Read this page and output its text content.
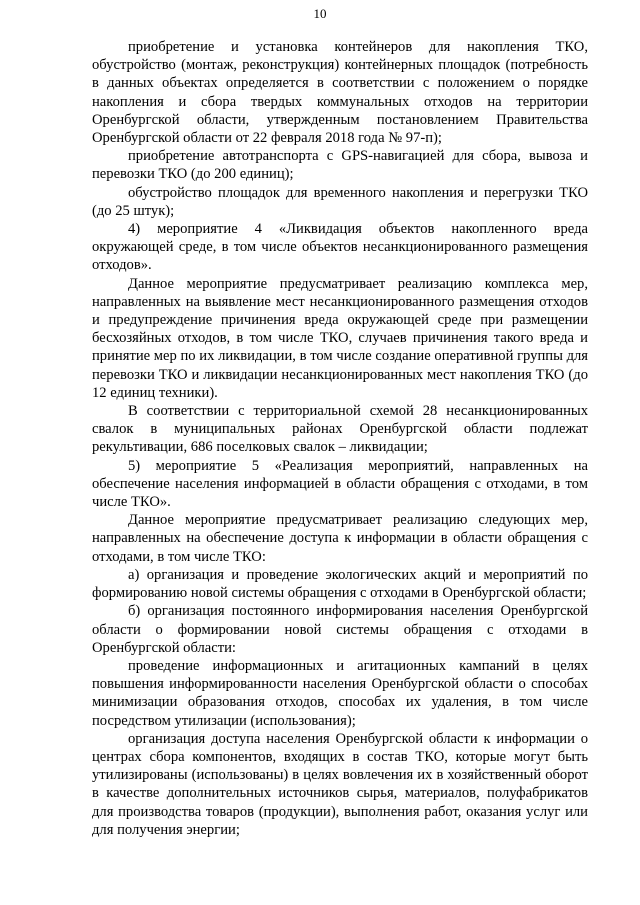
10

приобретение и установка контейнеров для накопления ТКО, обустройство (монтаж, реконструкция) контейнерных площадок (потребность в данных объектах определяется в соответствии с положением о порядке накопления и сбора твердых коммунальных отходов на территории Оренбургской области, утвержденным постановлением Правительства Оренбургской области от 22 февраля 2018 года № 97-п);

приобретение автотранспорта с GPS-навигацией для сбора, вывоза и перевозки ТКО (до 200 единиц);

обустройство площадок для временного накопления и перегрузки ТКО (до 25 штук);

4) мероприятие 4 «Ликвидация объектов накопленного вреда окружающей среде, в том числе объектов несанкционированного размещения отходов».

Данное мероприятие предусматривает реализацию комплекса мер, направленных на выявление мест несанкционированного размещения отходов и предупреждение причинения вреда окружающей среде при размещении бесхозяйных отходов, в том числе ТКО, случаев причинения такого вреда и принятие мер по их ликвидации, в том числе создание оперативной группы для перевозки ТКО и ликвидации несанкционированных мест накопления ТКО (до 12 единиц техники).

В соответствии с территориальной схемой 28 несанкционированных свалок в муниципальных районах Оренбургской области подлежат рекультивации, 686 поселковых свалок – ликвидации;

5) мероприятие 5 «Реализация мероприятий, направленных на обеспечение населения информацией в области обращения с отходами, в том числе ТКО».

Данное мероприятие предусматривает реализацию следующих мер, направленных на обеспечение доступа к информации в области обращения с отходами, в том числе ТКО:

а) организация и проведение экологических акций и мероприятий по формированию новой системы обращения с отходами в Оренбургской области;

б) организация постоянного информирования населения Оренбургской области о формировании новой системы обращения с отходами в Оренбургской области:

проведение информационных и агитационных кампаний в целях повышения информированности населения Оренбургской области о способах минимизации образования отходов, способах их удаления, в том числе посредством утилизации (использования);

организация доступа населения Оренбургской области к информации о центрах сбора компонентов, входящих в состав ТКО, которые могут быть утилизированы (использованы) в целях вовлечения их в хозяйственный оборот в качестве дополнительных источников сырья, материалов, полуфабрикатов для производства товаров (продукции), выполнения работ, оказания услуг или для получения энергии;
